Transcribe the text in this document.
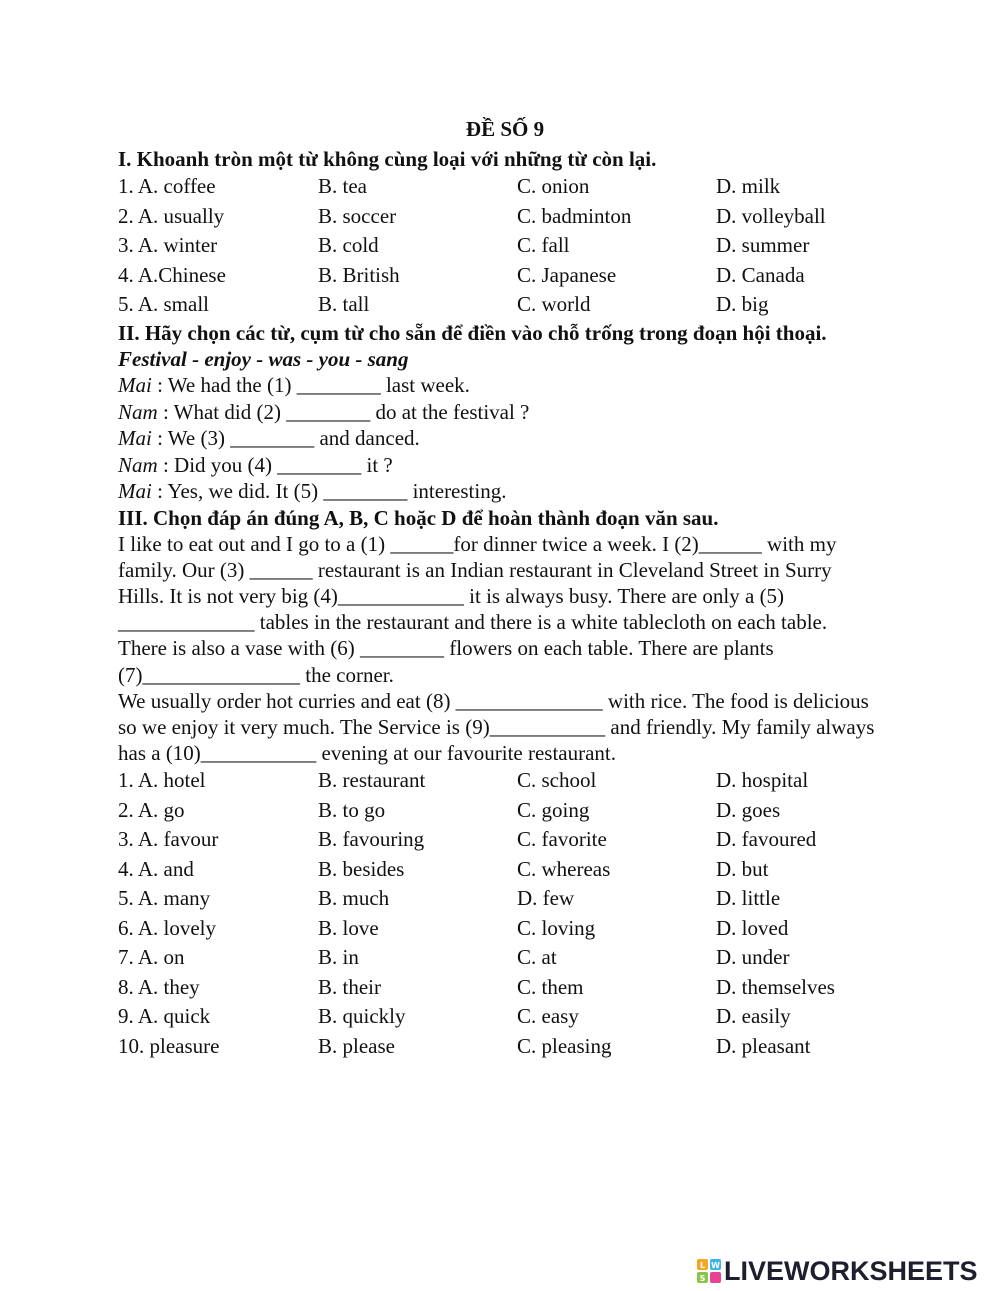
ĐỀ SỐ 9

I. Khoanh tròn một từ không cùng loại với những từ còn lại.

1. A. coffee	B. tea	C. onion	D. milk
2. A. usually	B. soccer	C. badminton	D. volleyball
3. A. winter	B. cold	C. fall	D. summer
4. A.Chinese	B. British	C. Japanese	D. Canada
5. A. small	B. tall	C. world	D. big

II. Hãy chọn các từ, cụm từ cho sẵn để điền vào chỗ trống trong đoạn hội thoại.

Festival - enjoy - was - you - sang

Mai : We had the (1) ________ last week.

Nam : What did (2) ________ do at the festival ?

Mai : We (3) ________ and danced.

Nam : Did you (4) ________ it ?

Mai : Yes, we did. It (5) ________ interesting.

III. Chọn đáp án đúng A, B, C hoặc D để hoàn thành đoạn văn sau.

I like to eat out and I go to a (1) ______for dinner twice a week. I (2)______ with my family. Our (3) ______ restaurant is an Indian restaurant in Cleveland Street in Surry Hills. It is not very big (4)____________ it is always busy. There are only a (5) _____________ tables in the restaurant and there is a white tablecloth on each table. There is also a vase with (6) ________ flowers on each table. There are plants (7)_______________ the corner.

We usually order hot curries and eat (8) ______________ with rice. The food is delicious so we enjoy it very much. The Service is (9)___________ and friendly. My family always has a (10)___________ evening at our favourite restaurant.

1. A. hotel	B. restaurant	C. school	D. hospital
2. A. go	B. to go	C. going	D. goes
3. A. favour	B. favouring	C. favorite	D. favoured
4. A. and	B. besides	C. whereas	D. but
5. A. many	B. much	D. few	D. little
6. A. lovely	B. love	C. loving	D. loved
7. A. on	B. in	C. at	D. under
8. A. they	B. their	C. them	D. themselves
9. A. quick	B. quickly	C. easy	D. easily
10. pleasure	B. please	C. pleasing	D. pleasant
L W
S LIVEWORKSHEETS
